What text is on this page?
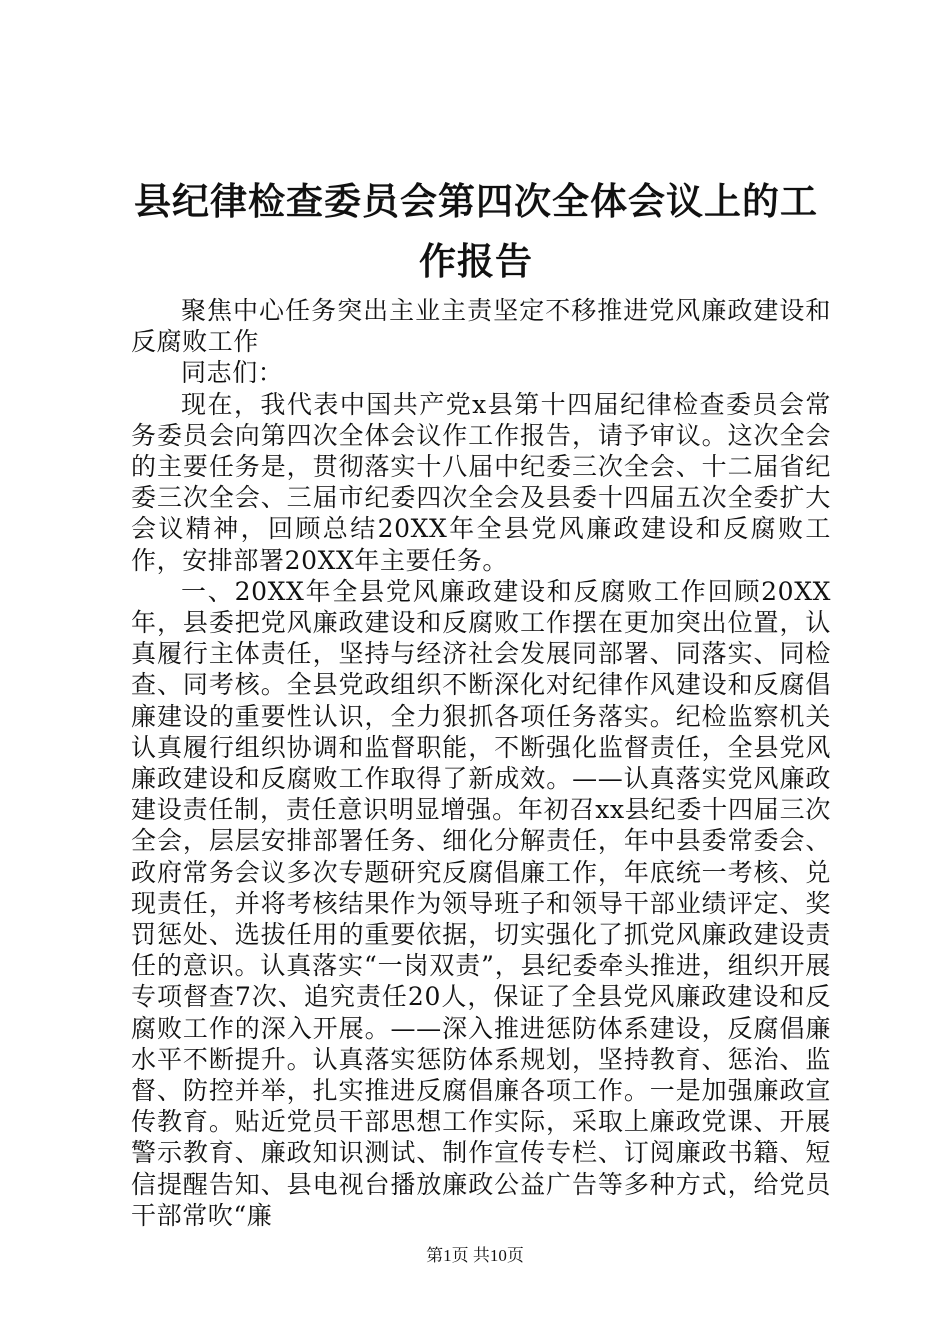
县纪律检查委员会第四次全体会议上的工作报告

聚焦中心任务突出主业主责坚定不移推进党风廉政建设和反腐败工作

同志们：

现在，我代表中国共产党x县第十四届纪律检查委员会常务委员会向第四次全体会议作工作报告，请予审议。这次全会的主要任务是，贯彻落实十八届中纪委三次全会、十二届省纪委三次全会、三届市纪委四次全会及县委十四届五次全委扩大会议精神，回顾总结20XX年全县党风廉政建设和反腐败工作，安排部署20XX年主要任务。

一、20XX年全县党风廉政建设和反腐败工作回顾20XX年，县委把党风廉政建设和反腐败工作摆在更加突出位置，认真履行主体责任，坚持与经济社会发展同部署、同落实、同检查、同考核。全县党政组织不断深化对纪律作风建设和反腐倡廉建设的重要性认识，全力狠抓各项任务落实。纪检监察机关认真履行组织协调和监督职能，不断强化监督责任，全县党风廉政建设和反腐败工作取得了新成效。——认真落实党风廉政建设责任制，责任意识明显增强。年初召xx县纪委十四届三次全会，层层安排部署任务、细化分解责任，年中县委常委会、政府常务会议多次专题研究反腐倡廉工作，年底统一考核、兑现责任，并将考核结果作为领导班子和领导干部业绩评定、奖罚惩处、选拔任用的重要依据，切实强化了抓党风廉政建设责任的意识。认真落实“一岗双责”，县纪委牵头推进，组织开展专项督查7次、追究责任20人，保证了全县党风廉政建设和反腐败工作的深入开展。——深入推进惩防体系建设，反腐倡廉水平不断提升。认真落实惩防体系规划，坚持教育、惩治、监督、防控并举，扎实推进反腐倡廉各项工作。一是加强廉政宣传教育。贴近党员干部思想工作实际，采取上廉政党课、开展警示教育、廉政知识测试、制作宣传专栏、订阅廉政书籍、短信提醒告知、县电视台播放廉政公益广告等多种方式，给党员干部常吹“廉

第1页 共10页
